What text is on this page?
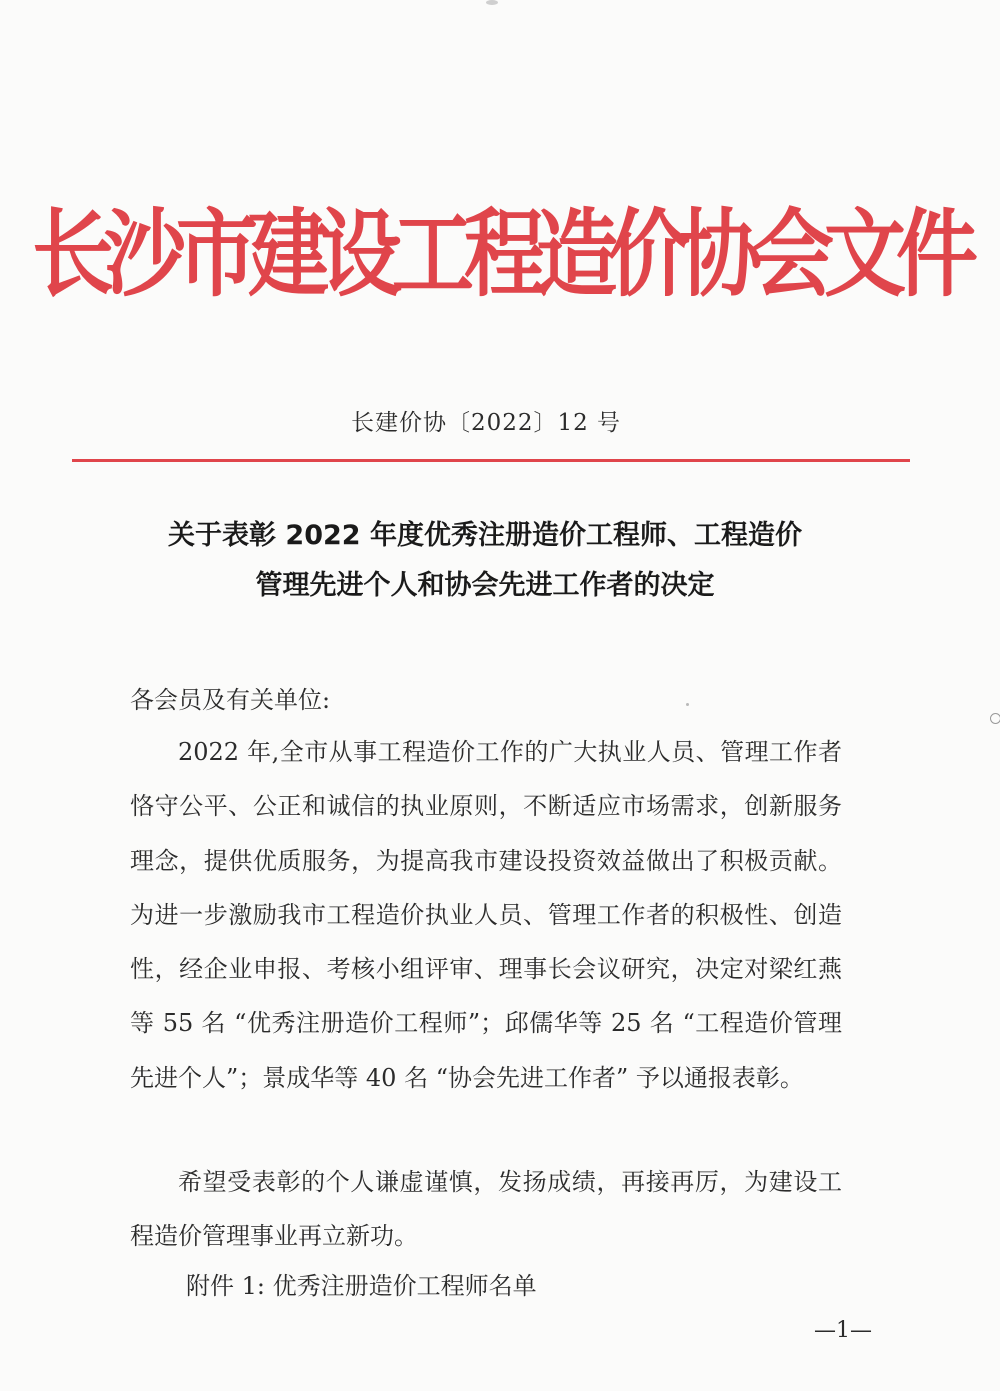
长沙市建设工程造价协会文件
长建价协〔2022〕12 号
关于表彰 2022 年度优秀注册造价工程师、工程造价
管理先进个人和协会先进工作者的决定
各会员及有关单位:
2022 年,全市从事工程造价工作的广大执业人员、管理工作者恪守公平、公正和诚信的执业原则，不断适应市场需求，创新服务理念，提供优质服务，为提高我市建设投资效益做出了积极贡献。为进一步激励我市工程造价执业人员、管理工作者的积极性、创造性，经企业申报、考核小组评审、理事长会议研究，决定对梁红燕等 55 名 “优秀注册造价工程师”；邱儒华等 25 名 “工程造价管理先进个人”；景成华等 40 名 “协会先进工作者” 予以通报表彰。
希望受表彰的个人谦虚谨慎，发扬成绩，再接再厉，为建设工程造价管理事业再立新功。
附件 1: 优秀注册造价工程师名单
—1—
